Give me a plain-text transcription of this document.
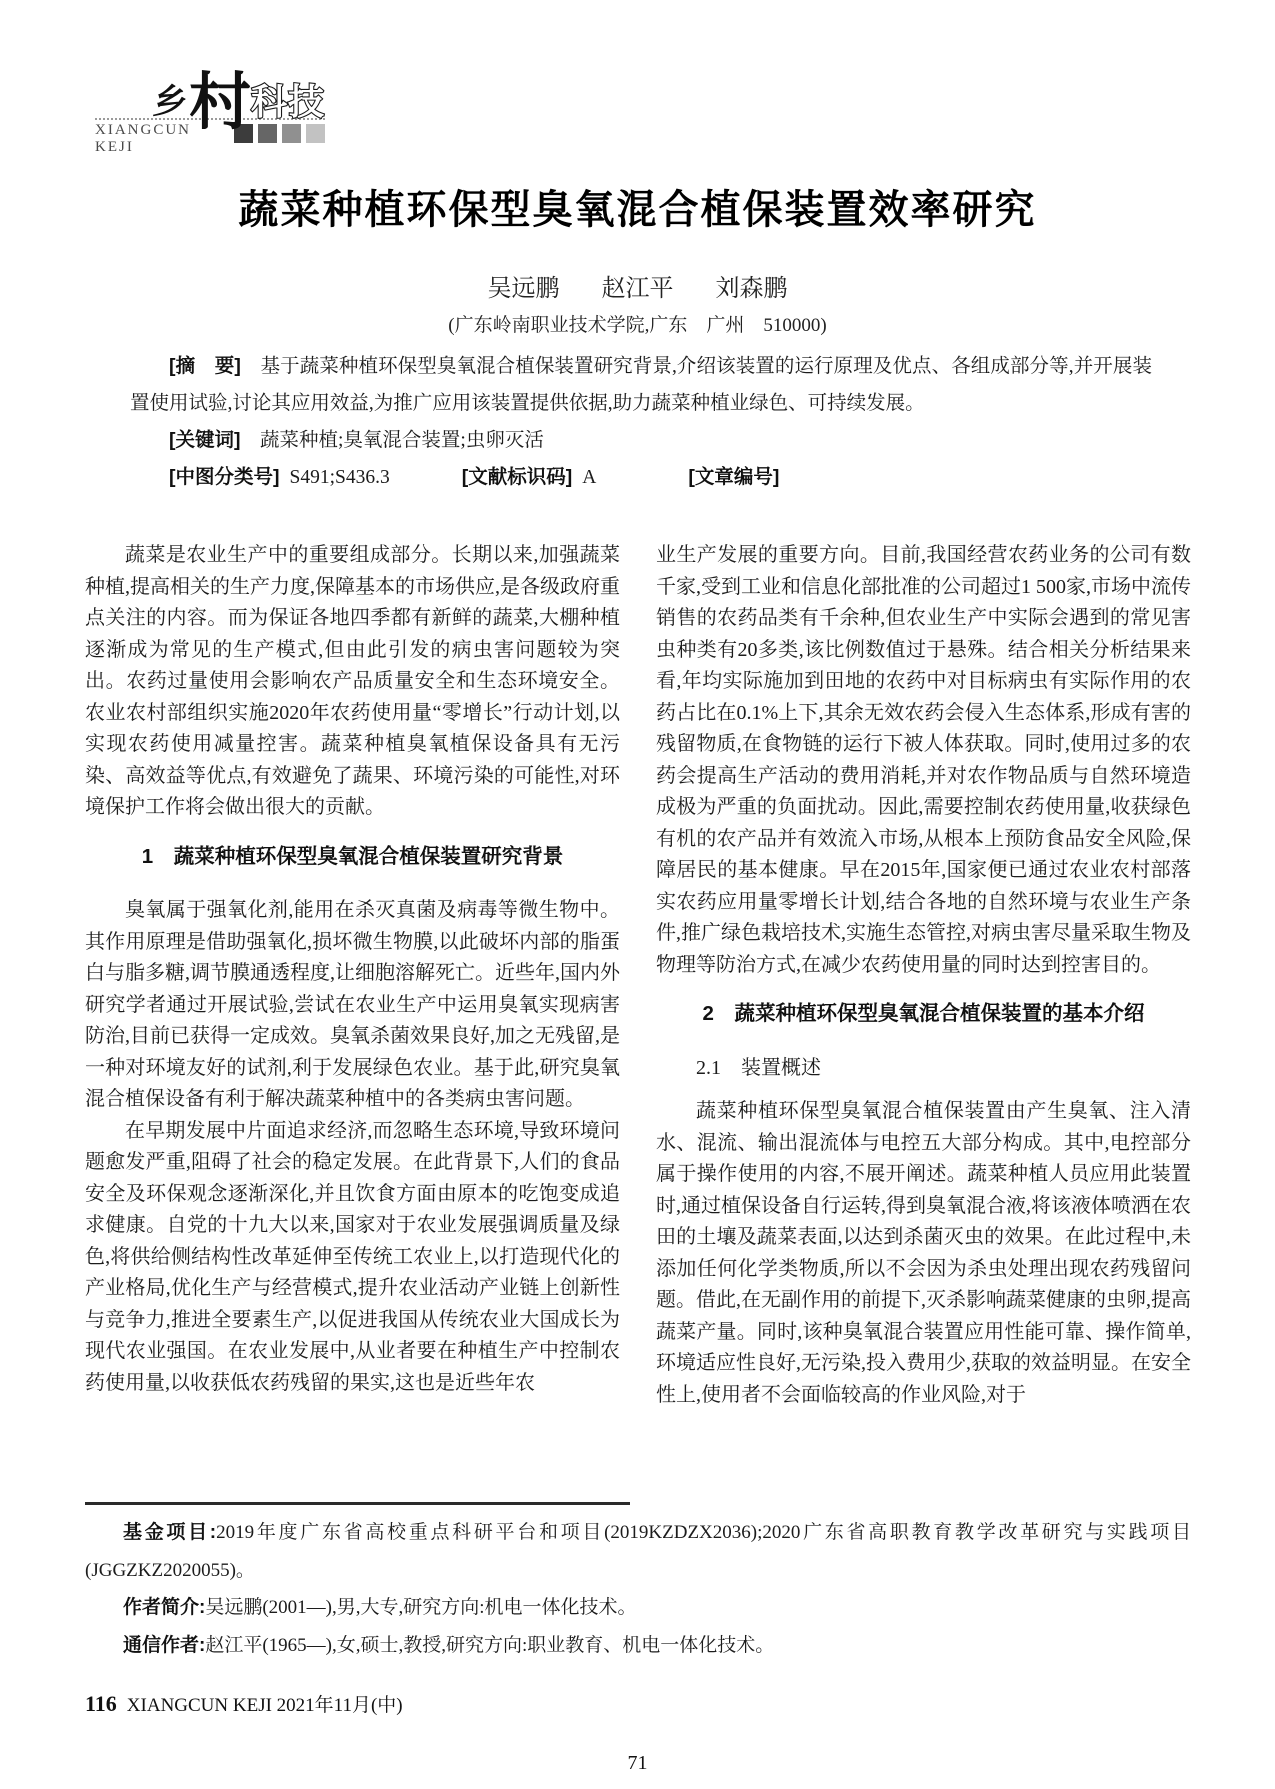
乡 村 科技
XIANGCUN KEJI
蔬菜种植环保型臭氧混合植保装置效率研究
吴远鹏 赵江平 刘森鹏
(广东岭南职业技术学院,广东　广州　510000)

[摘　要]　 基于蔬菜种植环保型臭氧混合植保装置研究背景,介绍该装置的运行原理及优点、各组成部分等,并开展装置使用试验,讨论其应用效益,为推广应用该装置提供依据,助力蔬菜种植业绿色、可持续发展。

[关键词]　 蔬菜种植;臭氧混合装置;虫卵灭活

[中图分类号] S491;S436.3	[文献标识码] A	[文章编号]

蔬菜是农业生产中的重要组成部分。长期以来,加强蔬菜种植,提高相关的生产力度,保障基本的市场供应,是各级政府重点关注的内容。而为保证各地四季都有新鲜的蔬菜,大棚种植逐渐成为常见的生产模式,但由此引发的病虫害问题较为突出。农药过量使用会影响农产品质量安全和生态环境安全。农业农村部组织实施2020年农药使用量“零增长”行动计划,以实现农药使用减量控害。蔬菜种植臭氧植保设备具有无污染、高效益等优点,有效避免了蔬果、环境污染的可能性,对环境保护工作将会做出很大的贡献。

1　蔬菜种植环保型臭氧混合植保装置研究背景

臭氧属于强氧化剂,能用在杀灭真菌及病毒等微生物中。其作用原理是借助强氧化,损坏微生物膜,以此破坏内部的脂蛋白与脂多糖,调节膜通透程度,让细胞溶解死亡。近些年,国内外研究学者通过开展试验,尝试在农业生产中运用臭氧实现病害防治,目前已获得一定成效。臭氧杀菌效果良好,加之无残留,是一种对环境友好的试剂,利于发展绿色农业。基于此,研究臭氧混合植保设备有利于解决蔬菜种植中的各类病虫害问题。

在早期发展中片面追求经济,而忽略生态环境,导致环境问题愈发严重,阻碍了社会的稳定发展。在此背景下,人们的食品安全及环保观念逐渐深化,并且饮食方面由原本的吃饱变成追求健康。自党的十九大以来,国家对于农业发展强调质量及绿色,将供给侧结构性改革延伸至传统工农业上,以打造现代化的产业格局,优化生产与经营模式,提升农业活动产业链上创新性与竞争力,推进全要素生产,以促进我国从传统农业大国成长为现代农业强国。在农业发展中,从业者要在种植生产中控制农药使用量,以收获低农药残留的果实,这也是近些年农

业生产发展的重要方向。目前,我国经营农药业务的公司有数千家,受到工业和信息化部批准的公司超过1 500家,市场中流传销售的农药品类有千余种,但农业生产中实际会遇到的常见害虫种类有20多类,该比例数值过于悬殊。结合相关分析结果来看,年均实际施加到田地的农药中对目标病虫有实际作用的农药占比在0.1%上下,其余无效农药会侵入生态体系,形成有害的残留物质,在食物链的运行下被人体获取。同时,使用过多的农药会提高生产活动的费用消耗,并对农作物品质与自然环境造成极为严重的负面扰动。因此,需要控制农药使用量,收获绿色有机的农产品并有效流入市场,从根本上预防食品安全风险,保障居民的基本健康。早在2015年,国家便已通过农业农村部落实农药应用量零增长计划,结合各地的自然环境与农业生产条件,推广绿色栽培技术,实施生态管控,对病虫害尽量采取生物及物理等防治方式,在减少农药使用量的同时达到控害目的。

2　蔬菜种植环保型臭氧混合植保装置的基本介绍
2.1　装置概述

蔬菜种植环保型臭氧混合植保装置由产生臭氧、注入清水、混流、输出混流体与电控五大部分构成。其中,电控部分属于操作使用的内容,不展开阐述。蔬菜种植人员应用此装置时,通过植保设备自行运转,得到臭氧混合液,将该液体喷洒在农田的土壤及蔬菜表面,以达到杀菌灭虫的效果。在此过程中,未添加任何化学类物质,所以不会因为杀虫处理出现农药残留问题。借此,在无副作用的前提下,灭杀影响蔬菜健康的虫卵,提高蔬菜产量。同时,该种臭氧混合装置应用性能可靠、操作简单,环境适应性良好,无污染,投入费用少,获取的效益明显。在安全性上,使用者不会面临较高的作业风险,对于

基金项目:2019年度广东省高校重点科研平台和项目(2019KZDZX2036);2020广东省高职教育教学改革研究与实践项目(JGGZKZ2020055)。

作者简介:吴远鹏(2001—),男,大专,研究方向:机电一体化技术。

通信作者:赵江平(1965—),女,硕士,教授,研究方向:职业教育、机电一体化技术。

116 XIANGCUN KEJI 2021年11月(中)
71
